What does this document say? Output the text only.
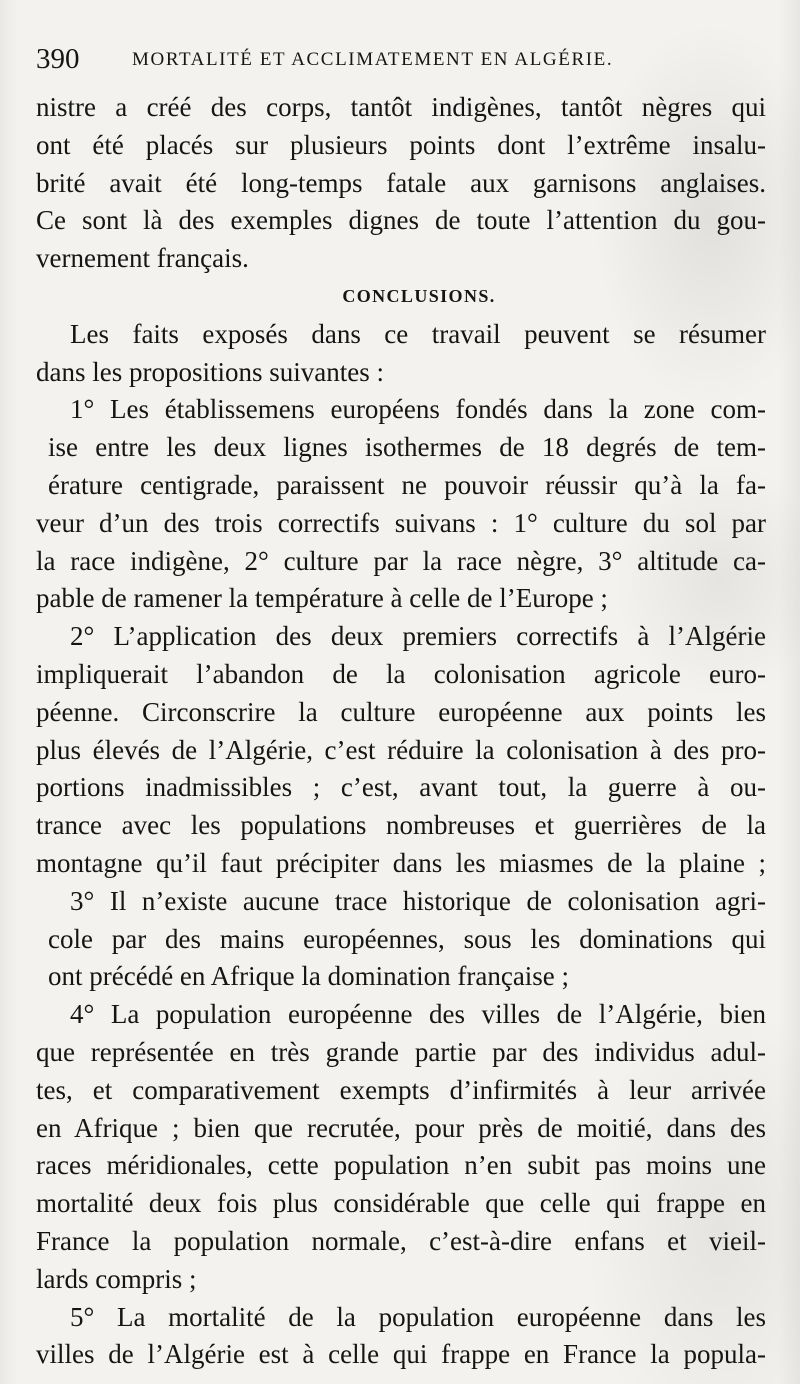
390	MORTALITÉ ET ACCLIMATEMENT EN ALGÉRIE.
nistre a créé des corps, tantôt indigènes, tantôt nègres qui
ont été placés sur plusieurs points dont l’extrême insalu-
brité avait été long-temps fatale aux garnisons anglaises.
Ce sont là des exemples dignes de toute l’attention du gou-
vernement français.
CONCLUSIONS.
Les faits exposés dans ce travail peuvent se résumer
dans les propositions suivantes :
1° Les établissemens européens fondés dans la zone com-
ise entre les deux lignes isothermes de 18 degrés de tem-
érature centigrade, paraissent ne pouvoir réussir qu’à la fa-
veur d’un des trois correctifs suivans : 1° culture du sol par
la race indigène, 2° culture par la race nègre, 3° altitude ca-
pable de ramener la température à celle de l’Europe ;
2° L’application des deux premiers correctifs à l’Algérie
impliquerait l’abandon de la colonisation agricole euro-
péenne. Circonscrire la culture européenne aux points les
plus élevés de l’Algérie, c’est réduire la colonisation à des pro-
portions inadmissibles ; c’est, avant tout, la guerre à ou-
trance avec les populations nombreuses et guerrières de la
montagne qu’il faut précipiter dans les miasmes de la plaine ;
3° Il n’existe aucune trace historique de colonisation agri-
cole par des mains européennes, sous les dominations qui
ont précédé en Afrique la domination française ;
4° La population européenne des villes de l’Algérie, bien
que représentée en très grande partie par des individus adul-
tes, et comparativement exempts d’infirmités à leur arrivée
en Afrique ; bien que recrutée, pour près de moitié, dans des
races méridionales, cette population n’en subit pas moins une
mortalité deux fois plus considérable que celle qui frappe en
France la population normale, c’est-à-dire enfans et vieil-
lards compris ;
5° La mortalité de la population européenne dans les
villes de l’Algérie est à celle qui frappe en France la popula-
